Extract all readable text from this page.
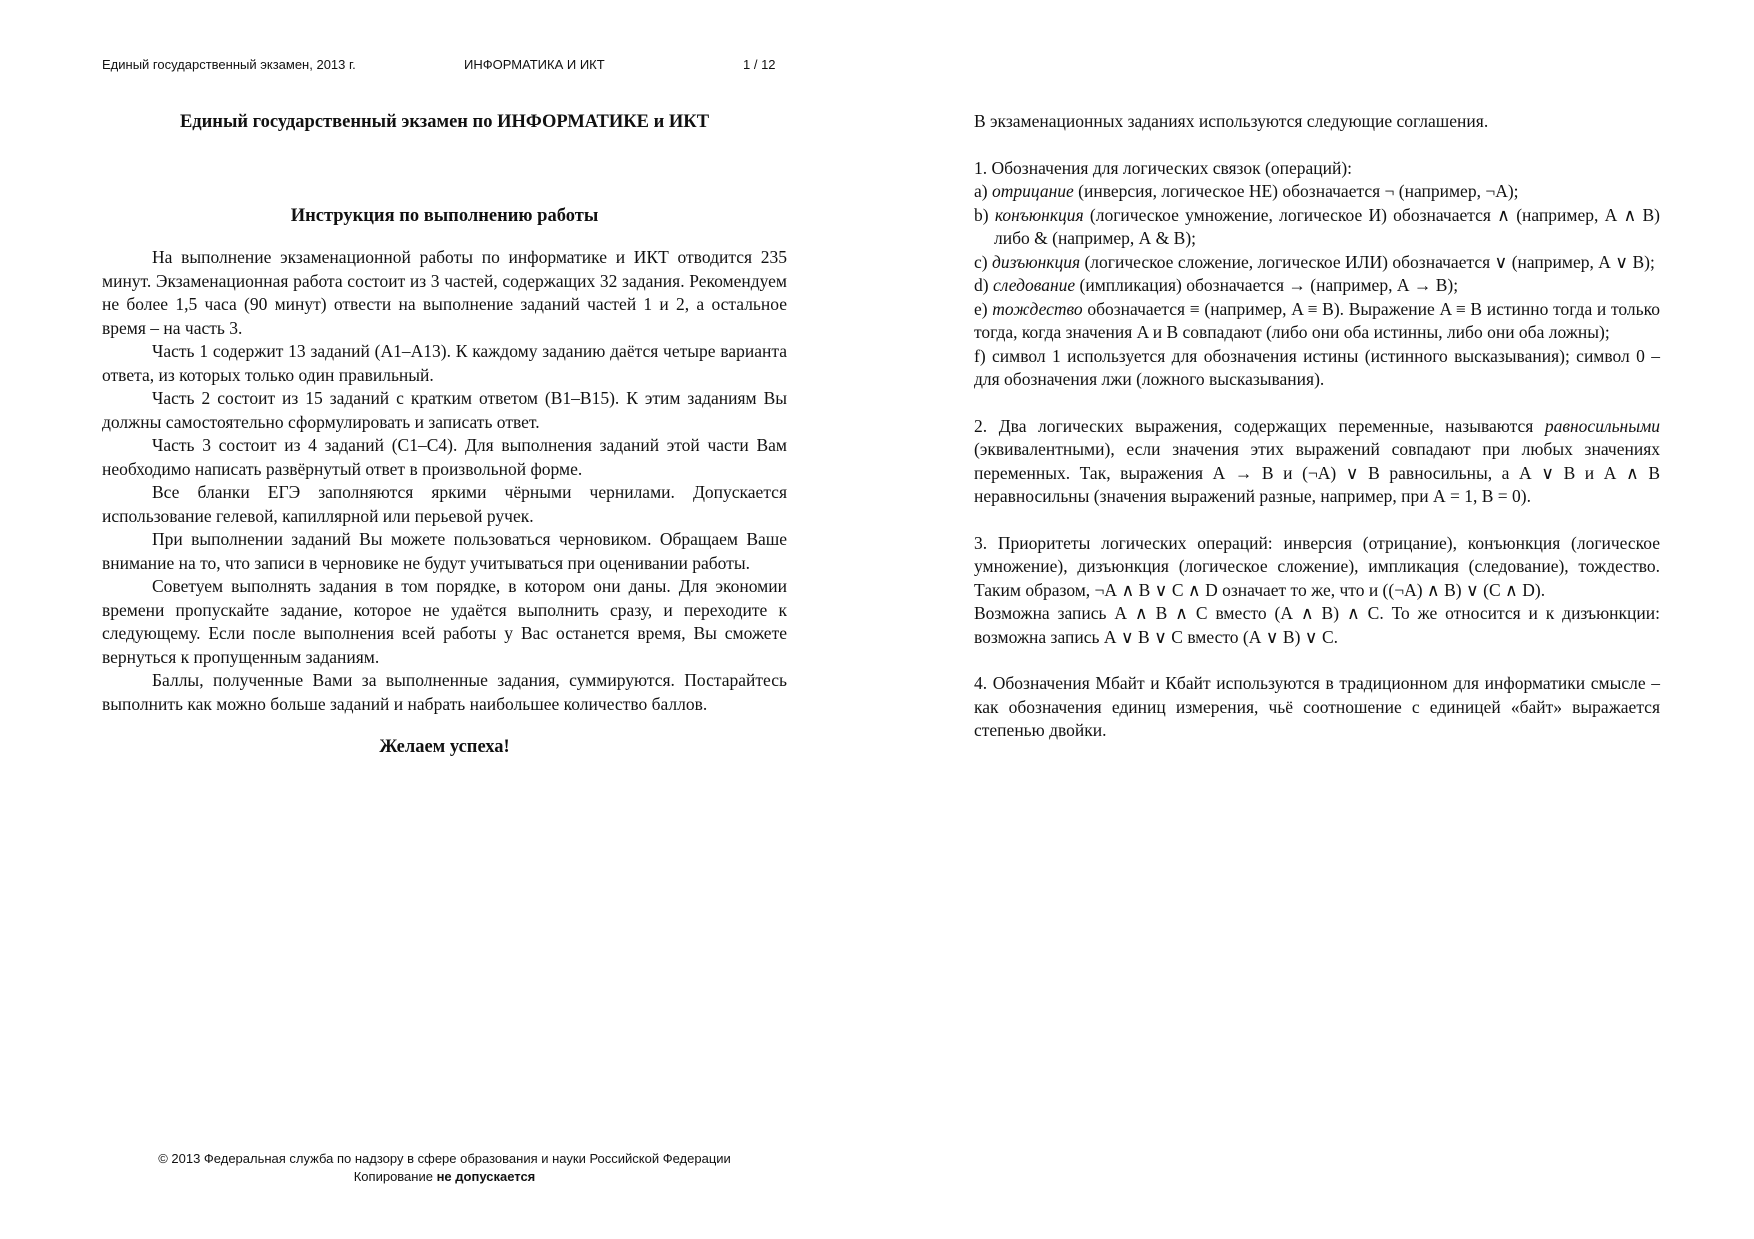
Единый государственный экзамен, 2013 г.	ИНФОРМАТИКА И ИКТ	1 / 12

Единый государственный экзамен по ИНФОРМАТИКЕ и ИКТ

Инструкция по выполнению работы

На выполнение экзаменационной работы по информатике и ИКТ отводится 235 минут. Экзаменационная работа состоит из 3 частей, содержащих 32 задания. Рекомендуем не более 1,5 часа (90 минут) отвести на выполнение заданий частей 1 и 2, а остальное время – на часть 3.

Часть 1 содержит 13 заданий (А1–А13). К каждому заданию даётся четыре варианта ответа, из которых только один правильный.

Часть 2 состоит из 15 заданий с кратким ответом (В1–В15). К этим заданиям Вы должны самостоятельно сформулировать и записать ответ.

Часть 3 состоит из 4 заданий (С1–С4). Для выполнения заданий этой части Вам необходимо написать развёрнутый ответ в произвольной форме.

Все бланки ЕГЭ заполняются яркими чёрными чернилами. Допускается использование гелевой, капиллярной или перьевой ручек.

При выполнении заданий Вы можете пользоваться черновиком. Обращаем Ваше внимание на то, что записи в черновике не будут учитываться при оценивании работы.

Советуем выполнять задания в том порядке, в котором они даны. Для экономии времени пропускайте задание, которое не удаётся выполнить сразу, и переходите к следующему. Если после выполнения всей работы у Вас останется время, Вы сможете вернуться к пропущенным заданиям.

Баллы, полученные Вами за выполненные задания, суммируются. Постарайтесь выполнить как можно больше заданий и набрать наибольшее количество баллов.

Желаем успеха!

В экзаменационных заданиях используются следующие соглашения.

1. Обозначения для логических связок (операций):

a) отрицание (инверсия, логическое НЕ) обозначается ¬ (например, ¬А);

b) конъюнкция (логическое умножение, логическое И) обозначается ∧ (например, А ∧ В) либо & (например, А & В);

c) дизъюнкция (логическое сложение, логическое ИЛИ) обозначается ∨ (например, А ∨ В);

d) следование (импликация) обозначается → (например, А → В);

e) тождество обозначается ≡ (например, A ≡ B). Выражение A ≡ B истинно тогда и только тогда, когда значения A и B совпадают (либо они оба истинны, либо они оба ложны);

f) символ 1 используется для обозначения истины (истинного высказывания); символ 0 – для обозначения лжи (ложного высказывания).

2. Два логических выражения, содержащих переменные, называются равносильными (эквивалентными), если значения этих выражений совпадают при любых значениях переменных. Так, выражения А → В и (¬А) ∨ В равносильны, а А ∨ В и А ∧ В неравносильны (значения выражений разные, например, при А = 1, В = 0).

3. Приоритеты логических операций: инверсия (отрицание), конъюнкция (логическое умножение), дизъюнкция (логическое сложение), импликация (следование), тождество. Таким образом, ¬А ∧ В ∨ С ∧ D означает то же, что и ((¬А) ∧ В) ∨ (С ∧ D).

Возможна запись А ∧ В ∧ С вместо (А ∧ В) ∧ С. То же относится и к дизъюнкции: возможна запись А ∨ В ∨ С вместо (А ∨ В) ∨ С.

4. Обозначения Мбайт и Кбайт используются в традиционном для информатики смысле – как обозначения единиц измерения, чьё соотношение с единицей «байт» выражается степенью двойки.

© 2013 Федеральная служба по надзору в сфере образования и науки Российской Федерации
Копирование не допускается
